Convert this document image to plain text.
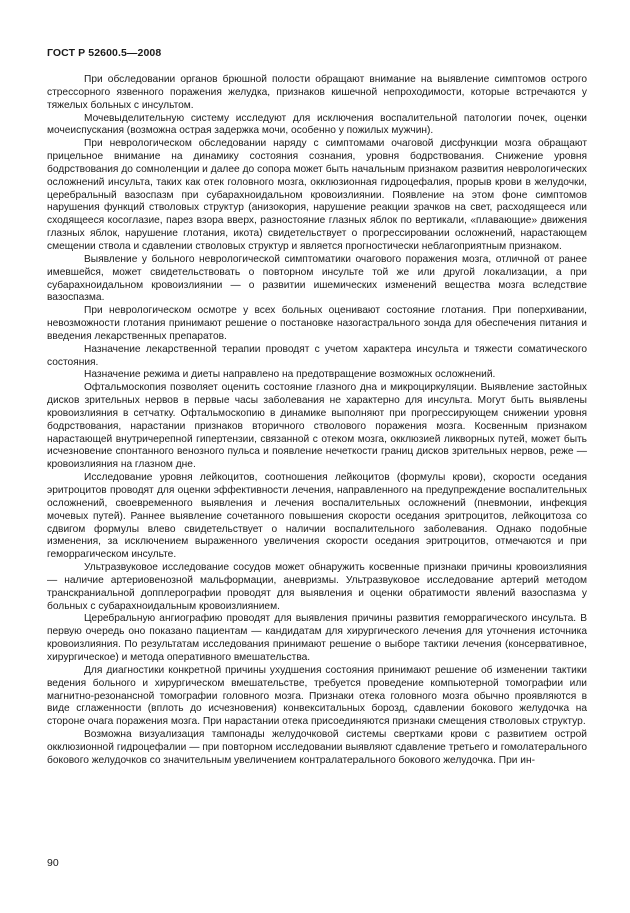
ГОСТ Р 52600.5—2008

При обследовании органов брюшной полости обращают внимание на выявление симптомов острого стрессорного язвенного поражения желудка, признаков кишечной непроходимости, которые встречаются у тяжелых больных с инсультом.

Мочевыделительную систему исследуют для исключения воспалительной патологии почек, оценки мочеиспускания (возможна острая задержка мочи, особенно у пожилых мужчин).

При неврологическом обследовании наряду с симптомами очаговой дисфункции мозга обращают прицельное внимание на динамику состояния сознания, уровня бодрствования. Снижение уровня бодрствования до сомноленции и далее до сопора может быть начальным признаком развития неврологических осложнений инсульта, таких как отек головного мозга, окклюзионная гидроцефалия, прорыв крови в желудочки, церебральный вазоспазм при субарахноидальном кровоизлиянии. Появление на этом фоне симптомов нарушения функций стволовых структур (анизокория, нарушение реакции зрачков на свет, расходящееся или сходящееся косоглазие, парез взора вверх, разностояние глазных яблок по вертикали, «плавающие» движения глазных яблок, нарушение глотания, икота) свидетельствует о прогрессировании осложнений, нарастающем смещении ствола и сдавлении стволовых структур и является прогностически неблагоприятным признаком.

Выявление у больного неврологической симптоматики очагового поражения мозга, отличной от ранее имевшейся, может свидетельствовать о повторном инсульте той же или другой локализации, а при субарахноидальном кровоизлиянии — о развитии ишемических изменений вещества мозга вследствие вазоспазма.

При неврологическом осмотре у всех больных оценивают состояние глотания. При поперхивании, невозможности глотания принимают решение о постановке назогастрального зонда для обеспечения питания и введения лекарственных препаратов.

Назначение лекарственной терапии проводят с учетом характера инсульта и тяжести соматического состояния.

Назначение режима и диеты направлено на предотвращение возможных осложнений.

Офтальмоскопия позволяет оценить состояние глазного дна и микроциркуляции. Выявление застойных дисков зрительных нервов в первые часы заболевания не характерно для инсульта. Могут быть выявлены кровоизлияния в сетчатку. Офтальмоскопию в динамике выполняют при прогрессирующем снижении уровня бодрствования, нарастании признаков вторичного стволового поражения мозга. Косвенным признаком нарастающей внутричерепной гипертензии, связанной с отеком мозга, окклюзией ликворных путей, может быть исчезновение спонтанного венозного пульса и появление нечеткости границ дисков зрительных нервов, реже — кровоизлияния на глазном дне.

Исследование уровня лейкоцитов, соотношения лейкоцитов (формулы крови), скорости оседания эритроцитов проводят для оценки эффективности лечения, направленного на предупреждение воспалительных осложнений, своевременного выявления и лечения воспалительных осложнений (пневмонии, инфекция мочевых путей). Раннее выявление сочетанного повышения скорости оседания эритроцитов, лейкоцитоза со сдвигом формулы влево свидетельствует о наличии воспалительного заболевания. Однако подобные изменения, за исключением выраженного увеличения скорости оседания эритроцитов, отмечаются и при геморрагическом инсульте.

Ультразвуковое исследование сосудов может обнаружить косвенные признаки причины кровоизлияния — наличие артериовенозной мальформации, аневризмы. Ультразвуковое исследование артерий методом транскраниальной допплерографии проводят для выявления и оценки обратимости явлений вазоспазма у больных с субарахноидальным кровоизлиянием.

Церебральную ангиографию проводят для выявления причины развития геморрагического инсульта. В первую очередь оно показано пациентам — кандидатам для хирургического лечения для уточнения источника кровоизлияния. По результатам исследования принимают решение о выборе тактики лечения (консервативное, хирургическое) и метода оперативного вмешательства.

Для диагностики конкретной причины ухудшения состояния принимают решение об изменении тактики ведения больного и хирургическом вмешательстве, требуется проведение компьютерной томографии или магнитно-резонансной томографии головного мозга. Признаки отека головного мозга обычно проявляются в виде сглаженности (вплоть до исчезновения) конвекситальных борозд, сдавлении бокового желудочка на стороне очага поражения мозга. При нарастании отека присоединяются признаки смещения стволовых структур.

Возможна визуализация тампонады желудочковой системы свертками крови с развитием острой окклюзионной гидроцефалии — при повторном исследовании выявляют сдавление третьего и гомолатерального бокового желудочков со значительным увеличением контралатерального бокового желудочка. При ин-

90
